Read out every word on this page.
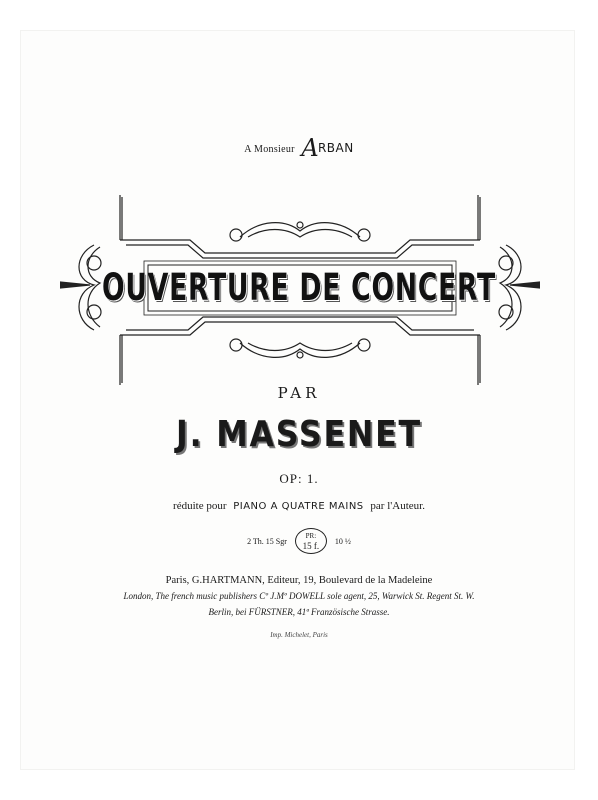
A Monsieur ARBAN
OUVERTURE DE CONCERT
PAR
J. MASSENET
OP: 1.
réduite pour PIANO A QUATRE MAINS par l'Auteur.
2 Th. 15 Sgr
PR:
15 f.	10 ½
Paris, G.HARTMANN, Editeur, 19, Boulevard de la Madeleine
London, The french music publishers Cº J.Mº DOWELL sole agent, 25, Warwick St. Regent St. W.
Berlin, bei FÜRSTNER, 41ª Französische Strasse.
Imp. Michelet, Paris
